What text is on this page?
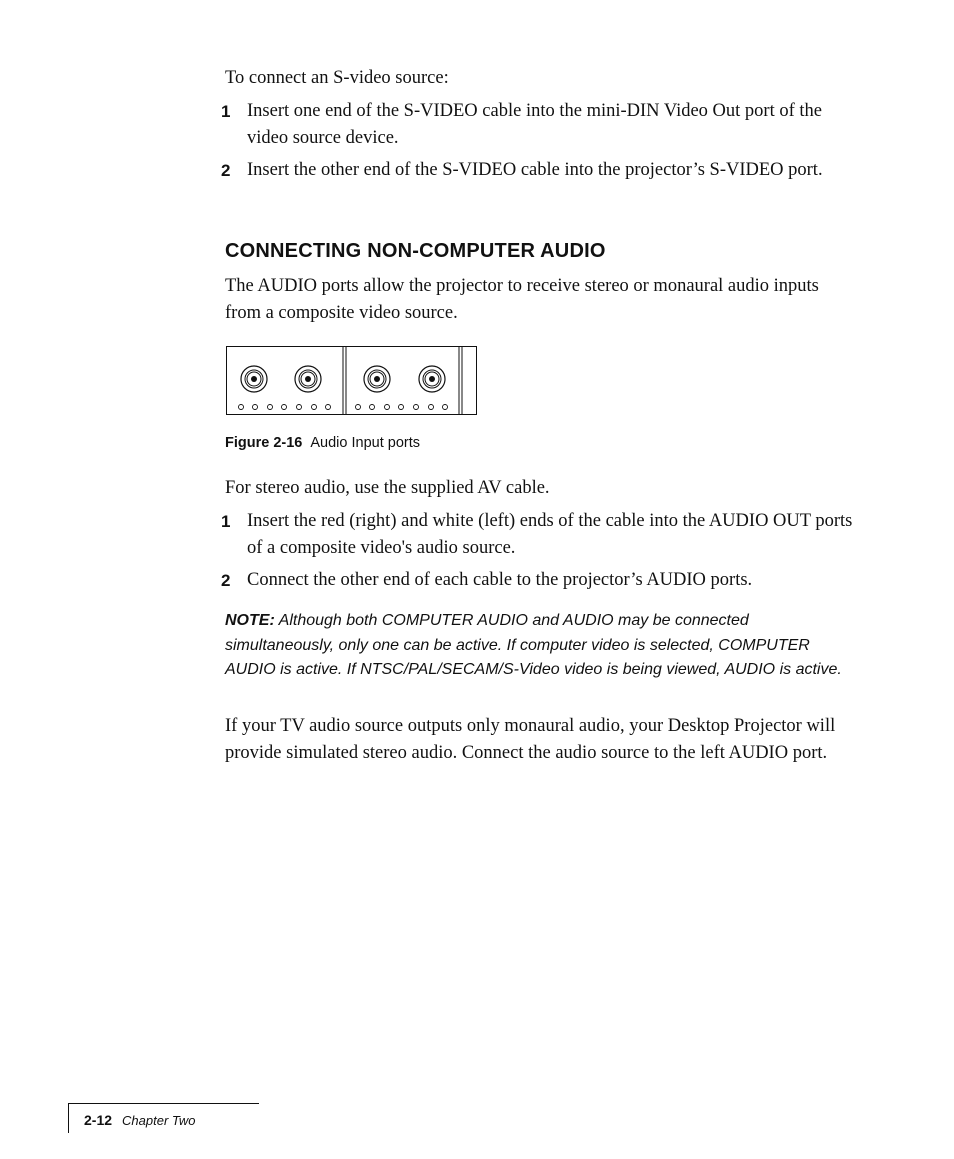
To connect an S-video source:
1 Insert one end of the S-VIDEO cable into the mini-DIN Video Out port of the video source device.
2 Insert the other end of the S-VIDEO cable into the projector’s S-VIDEO port.
CONNECTING NON-COMPUTER AUDIO
The AUDIO ports allow the projector to receive stereo or monaural audio inputs from a composite video source.
Figure 2-16 Audio Input ports
For stereo audio, use the supplied AV cable.
1 Insert the red (right) and white (left) ends of the cable into the AUDIO OUT ports of a composite video's audio source.
2 Connect the other end of each cable to the projector’s AUDIO ports.
NOTE: Although both COMPUTER AUDIO and AUDIO may be connected simultaneously, only one can be active. If computer video is selected, COMPUTER AUDIO is active. If NTSC/PAL/SECAM/S-Video video is being viewed, AUDIO is active.
If your TV audio source outputs only monaural audio, your Desktop Projector will provide simulated stereo audio. Connect the audio source to the left AUDIO port.
2-12 Chapter Two
